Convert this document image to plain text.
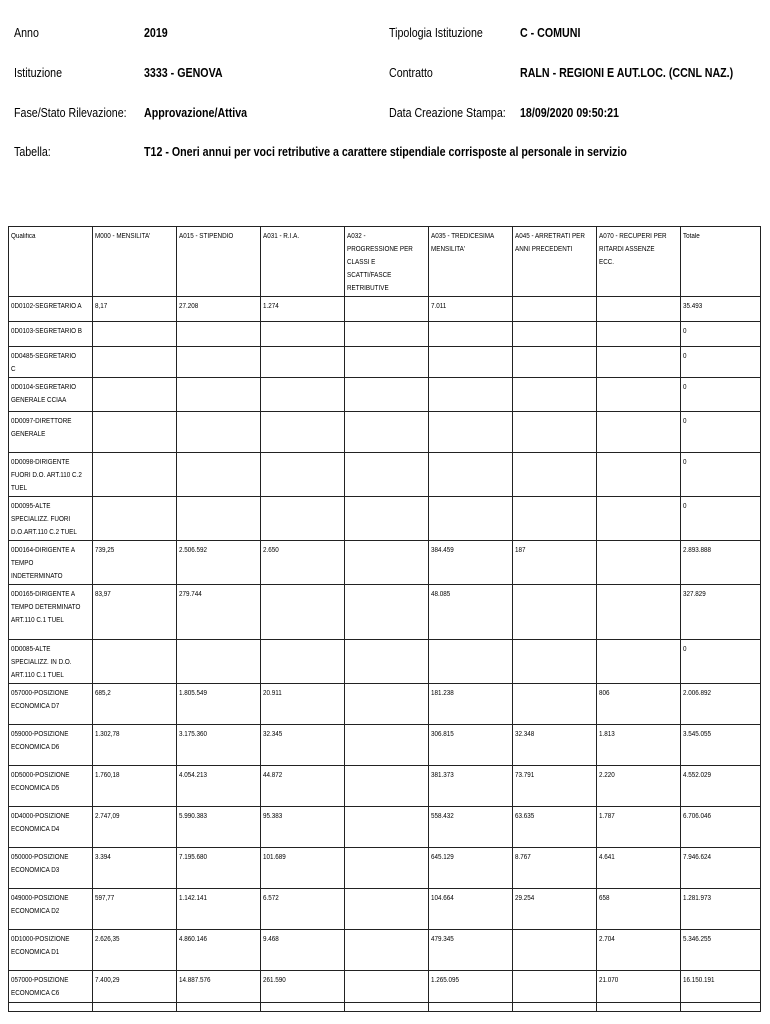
Anno	2019	Tipologia Istituzione	C - COMUNI
Istituzione	3333 - GENOVA	Contratto	RALN - REGIONI E AUT.LOC. (CCNL NAZ.)
Fase/Stato Rilevazione: Approvazione/Attiva	Data Creazione Stampa: 18/09/2020 09:50:21
Tabella:	T12 - Oneri annui per voci retributive a carattere stipendiale corrisposte al personale in servizio
Qualifica	M000 - MENSILITA'	A015 - STIPENDIO	A031 - R.I.A.	A032 - PROGRESSIONE PER CLASSI E SCATTI/FASCE RETRIBUTIVE	A035 - TREDICESIMA MENSILITA'	A045 - ARRETRATI PER ANNI PRECEDENTI	A070 - RECUPERI PER RITARDI ASSENZE ECC.	Totale

0D0102-SEGRETARIO A	8,17	27.208	1.274		7.011			35.493

0D0103-SEGRETARIO B								0

0D0485-SEGRETARIO C								0

0D0104-SEGRETARIO GENERALE CCIAA								0

0D0097-DIRETTORE GENERALE								0

0D0098-DIRIGENTE FUORI D.O. ART.110 C.2 TUEL								0

0D0095-ALTE SPECIALIZZ. FUORI D.O.ART.110 C.2 TUEL								0

0D0164-DIRIGENTE A TEMPO INDETERMINATO	739,25	2.506.592	2.650		384.459	187		2.893.888

0D0165-DIRIGENTE A TEMPO DETERMINATO ART.110 C.1 TUEL	83,97	279.744			48.085			327.829

0D0085-ALTE SPECIALIZZ. IN D.O. ART.110 C.1 TUEL								0

057000-POSIZIONE ECONOMICA D7	685,2	1.805.549	20.911		181.238		806	2.006.892

059000-POSIZIONE ECONOMICA D6	1.302,78	3.175.360	32.345		306.815	32.348	1.813	3.545.055

0D5000-POSIZIONE ECONOMICA D5	1.760,18	4.054.213	44.872		381.373	73.791	2.220	4.552.029

0D4000-POSIZIONE ECONOMICA D4	2.747,09	5.990.383	95.383		558.432	63.635	1.787	6.706.046

050000-POSIZIONE ECONOMICA D3	3.394	7.195.680	101.689		645.129	8.767	4.641	7.946.624

049000-POSIZIONE ECONOMICA D2	597,77	1.142.141	6.572		104.664	29.254	658	1.281.973

0D1000-POSIZIONE ECONOMICA D1	2.626,35	4.860.146	9.468		479.345		2.704	5.346.255

057000-POSIZIONE ECONOMICA C6	7.400,29	14.887.576	261.590		1.265.095		21.070	16.150.191
